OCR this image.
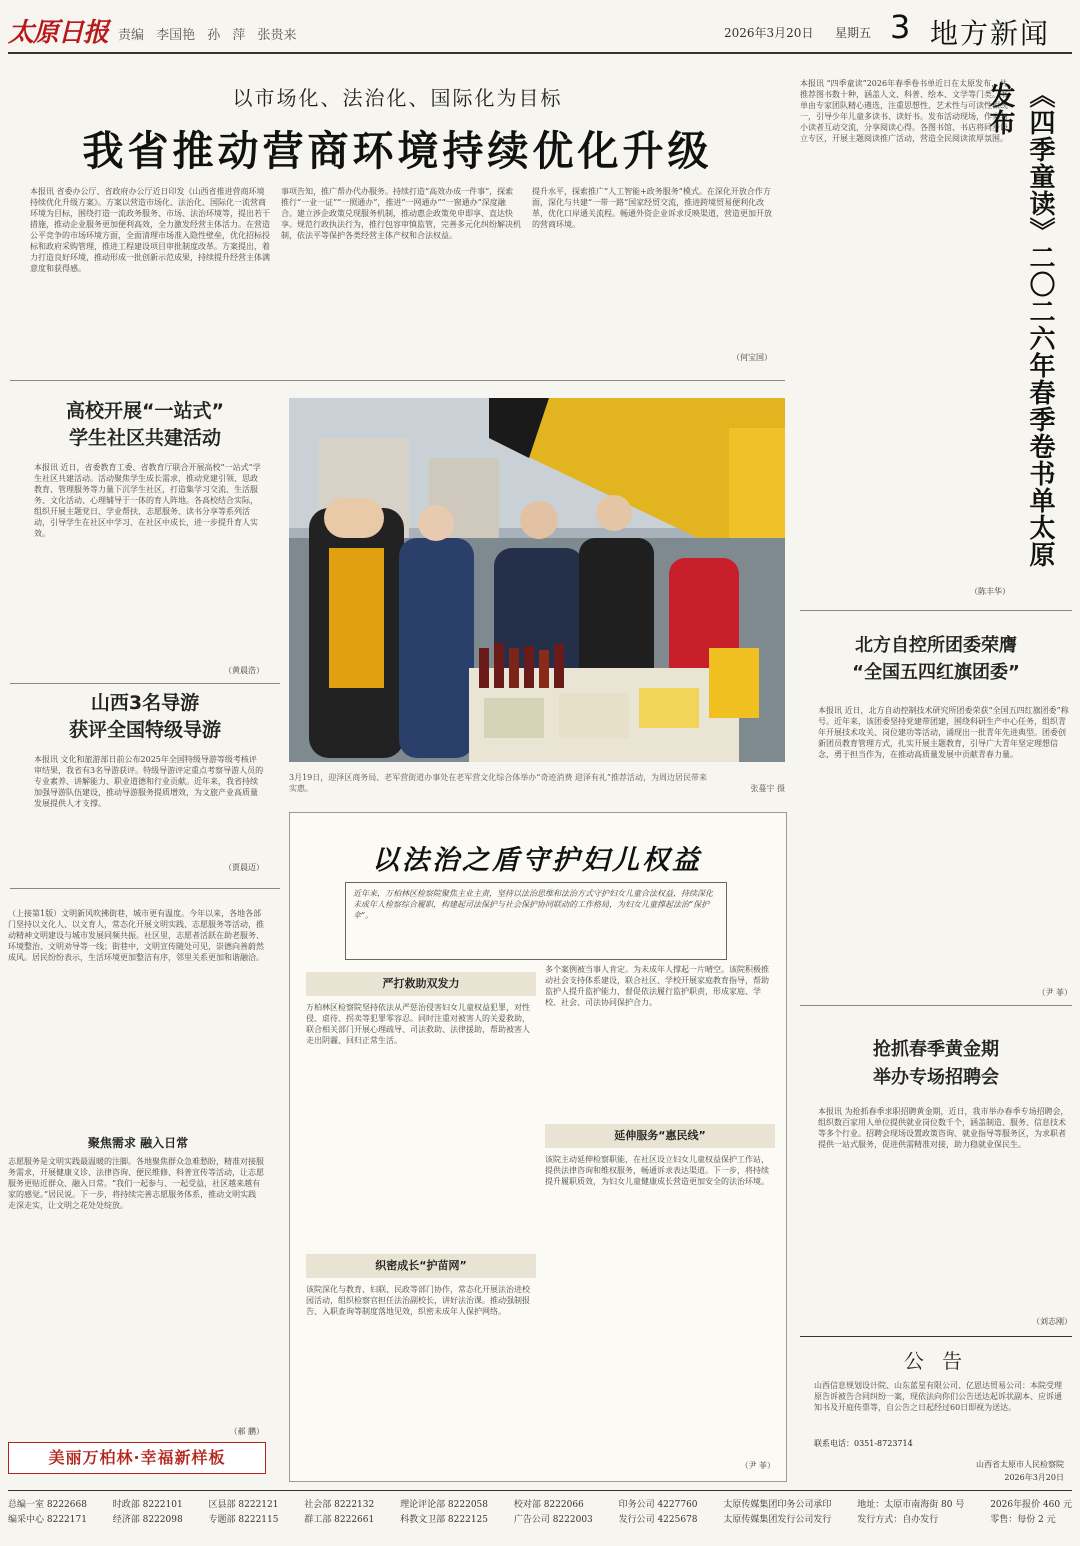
太原日报 责编 李国艳 孙 萍 张贵来	2026年3月20日 星期五 3 地方新闻
以市场化、法治化、国际化为目标
我省推动营商环境持续优化升级
本报讯 省委办公厅、省政府办公厅近日印发《山西省推进营商环境持续优化升级方案》。方案以营造市场化、法治化、国际化一流营商环境为目标，围绕打造一流政务服务、市场、法治环境等，提出若干措施，推动企业服务更加便利高效，全力激发经营主体活力。在营造公平竞争的市场环境方面，全面清理市场准入隐性壁垒，优化招标投标和政府采购管理，推进工程建设项目审批制度改革。方案提出，着力打造良好环境，推动形成一批创新示范成果，持续提升经营主体满意度和获得感。
事项告知，推广帮办代办服务。持续打造“高效办成一件事”，探索推行“一业一证”“一照通办”，推进“一网通办”“一窗通办”深度融合。建立涉企政策兑现服务机制，推动惠企政策免申即享、直达快享。规范行政执法行为，推行包容审慎监管，完善多元化纠纷解决机制，依法平等保护各类经营主体产权和合法权益。
提升水平，探索推广“人工智能+政务服务”模式。在深化开放合作方面，深化与共建“一带一路”国家经贸交流，推进跨境贸易便利化改革，优化口岸通关流程。畅通外资企业诉求反映渠道，营造更加开放的营商环境。
（何宝国）
高校开展“一站式”
学生社区共建活动
本报讯 近日，省委教育工委、省教育厅联合开展高校“一站式”学生社区共建活动。活动聚焦学生成长需求，推动党建引领、思政教育、管理服务等力量下沉学生社区，打造集学习交流、生活服务、文化活动、心理辅导于一体的育人阵地。各高校结合实际，组织开展主题党日、学业帮扶、志愿服务、读书分享等系列活动，引导学生在社区中学习、在社区中成长，进一步提升育人实效。
（黄晨浩）
山西3名导游
获评全国特级导游
本报讯 文化和旅游部日前公布2025年全国特级导游等级考核评审结果，我省有3名导游获评。特级导游评定重点考察导游人员的专业素养、讲解能力、职业道德和行业贡献。近年来，我省持续加强导游队伍建设，推动导游服务提质增效，为文旅产业高质量发展提供人才支撑。
（贾晨迈）
（上接第1版）文明新风吹拂街巷，城市更有温度。今年以来，各地各部门坚持以文化人、以文育人，常态化开展文明实践、志愿服务等活动，推动精神文明建设与城市发展同频共振。社区里，志愿者活跃在助老服务、环境整治、文明劝导等一线；街巷中，文明宣传随处可见，崇德向善蔚然成风。居民纷纷表示，生活环境更加整洁有序，邻里关系更加和谐融洽。
聚焦需求 融入日常
志愿服务是文明实践最温暖的注脚。各地聚焦群众急难愁盼，精准对接服务需求，开展健康义诊、法律咨询、便民维修、科普宣传等活动，让志愿服务更贴近群众、融入日常。“我们一起参与、一起受益，社区越来越有家的感觉。”居民说。下一步，将持续完善志愿服务体系，推动文明实践走深走实，让文明之花处处绽放。
（郝 鹏）
美丽万柏林·幸福新样板
3月19日，迎泽区商务局、老军营街道办事处在老军营文化综合体举办“奇迹消费 迎泽有礼”推荐活动，为周边居民带来实惠。	张蔓宇 摄
以法治之盾守护妇儿权益
近年来，万柏林区检察院聚焦主业主责，坚持以法治思维和法治方式守护妇女儿童合法权益，持续深化未成年人检察综合履职，构建起司法保护与社会保护协同联动的工作格局，为妇女儿童撑起法治“保护伞”。
严打救助双发力
万柏林区检察院坚持依法从严惩治侵害妇女儿童权益犯罪，对性侵、虐待、拐卖等犯罪零容忍。同时注重对被害人的关爱救助，联合相关部门开展心理疏导、司法救助、法律援助，帮助被害人走出阴霾、回归正常生活。
织密成长“护苗网”
该院深化与教育、妇联、民政等部门协作，常态化开展法治进校园活动，组织检察官担任法治副校长，讲好法治课。推动强制报告、入职查询等制度落地见效，织密未成年人保护网络。
多个案例被当事人肯定。为未成年人撑起一片晴空。该院积极推动社会支持体系建设，联合社区、学校开展家庭教育指导，帮助监护人提升监护能力，督促依法履行监护职责，形成家庭、学校、社会、司法协同保护合力。
延伸服务“惠民线”
该院主动延伸检察职能，在社区设立妇女儿童权益保护工作站，提供法律咨询和维权服务，畅通诉求表达渠道。下一步，将持续提升履职质效，为妇女儿童健康成长营造更加安全的法治环境。
（尹 菲）
本报讯 “四季童读”2026年春季卷书单近日在太原发布，共推荐图书数十种，涵盖人文、科普、绘本、文学等门类。书单由专家团队精心遴选，注重思想性、艺术性与可读性相统一，引导少年儿童多读书、读好书。发布活动现场，作家与小读者互动交流，分享阅读心得。各图书馆、书店将同步设立专区，开展主题阅读推广活动，营造全民阅读浓厚氛围。
（陈丰华）
《四季童读》二〇二六年春季卷书单太原发布
北方自控所团委荣膺
“全国五四红旗团委”
本报讯 近日，北方自动控制技术研究所团委荣获“全国五四红旗团委”称号。近年来，该团委坚持党建带团建，围绕科研生产中心任务，组织青年开展技术攻关、岗位建功等活动，涌现出一批青年先进典型。团委创新团员教育管理方式，扎实开展主题教育，引导广大青年坚定理想信念，勇于担当作为，在推动高质量发展中贡献青春力量。
（尹 菲）
抢抓春季黄金期
举办专场招聘会
本报讯 为抢抓春季求职招聘黄金期，近日，我市举办春季专场招聘会，组织数百家用人单位提供就业岗位数千个，涵盖制造、服务、信息技术等多个行业。招聘会现场设置政策咨询、就业指导等服务区，为求职者提供一站式服务，促进供需精准对接，助力稳就业保民生。
（刘志刚）
公 告
山西信息规划设计院、山东蓝星有限公司、亿恩达贸易公司：本院受理原告诉被告合同纠纷一案，现依法向你们公告送达起诉状副本、应诉通知书及开庭传票等，自公告之日起经过60日即视为送达。
联系电话：0351-8723714
山西省太原市人民检察院
2026年3月20日
总编一室 8222668
编采中心 8222171
时政部 8222101
经济部 8222098
区县部 8222121
专题部 8222115
社会部 8222132
群工部 8222661
理论评论部 8222058
科教文卫部 8222125
校对部 8222066
广告公司 8222003
印务公司 4227760
发行公司 4225678
太原传媒集团印务公司承印
太原传媒集团发行公司发行
地址：太原市南海街 80 号
发行方式：自办发行
2026年报价 460 元
零售：每份 2 元
